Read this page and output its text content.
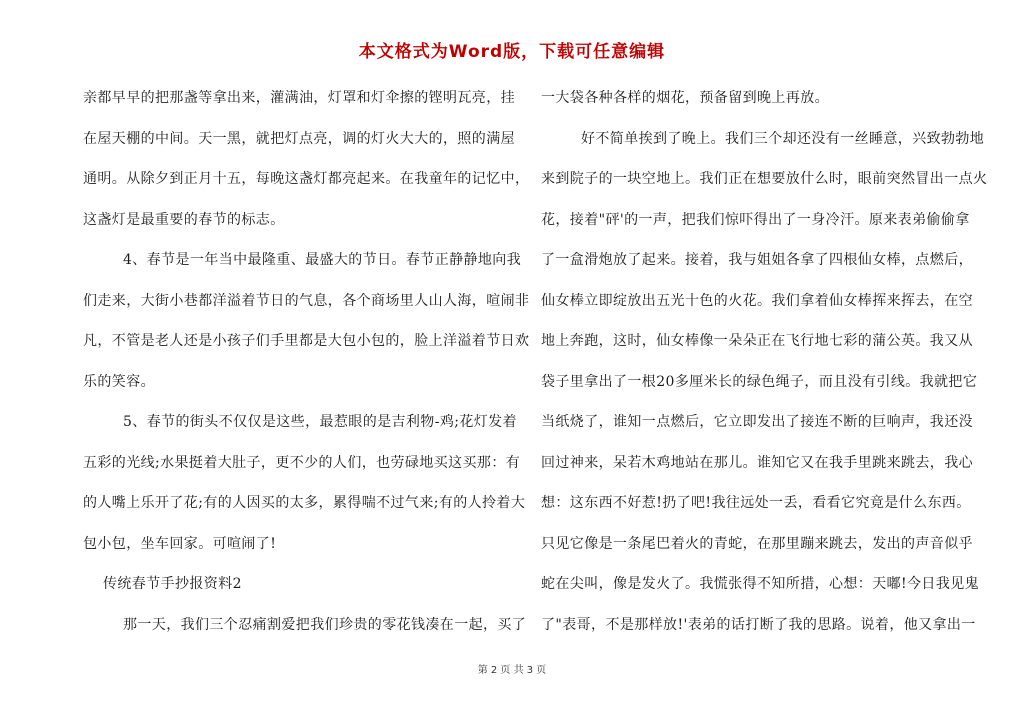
本文格式为Word版，下载可任意编辑
亲都早早的把那盏等拿出来，灌满油，灯罩和灯伞擦的铿明瓦亮，挂
在屋天棚的中间。天一黑，就把灯点亮，调的灯火大大的，照的满屋
通明。从除夕到正月十五，每晚这盏灯都亮起来。在我童年的记忆中，
这盏灯是最重要的春节的标志。
4、春节是一年当中最隆重、最盛大的节日。春节正静静地向我
们走来，大街小巷都洋溢着节日的气息，各个商场里人山人海，喧闹非
凡，不管是老人还是小孩子们手里都是大包小包的，脸上洋溢着节日欢
乐的笑容。
5、春节的街头不仅仅是这些，最惹眼的是吉利物-鸡;花灯发着
五彩的光线;水果挺着大肚子，更不少的人们，也劳碌地买这买那：有
的人嘴上乐开了花;有的人因买的太多，累得喘不过气来;有的人拎着大
包小包，坐车回家。可喧闹了!
传统春节手抄报资料2
那一天，我们三个忍痛割爱把我们珍贵的零花钱凑在一起，买了
一大袋各种各样的烟花，预备留到晚上再放。
好不简单挨到了晚上。我们三个却还没有一丝睡意，兴致勃勃地
来到院子的一块空地上。我们正在想要放什么时，眼前突然冒出一点火
花，接着"砰'的一声，把我们惊吓得出了一身冷汗。原来表弟偷偷拿
了一盒滑炮放了起来。接着，我与姐姐各拿了四根仙女棒，点燃后，
仙女棒立即绽放出五光十色的火花。我们拿着仙女棒挥来挥去，在空
地上奔跑，这时，仙女棒像一朵朵正在飞行地七彩的蒲公英。我又从
袋子里拿出了一根20多厘米长的绿色绳子，而且没有引线。我就把它
当纸烧了，谁知一点燃后，它立即发出了接连不断的巨响声，我还没
回过神来，呆若木鸡地站在那儿。谁知它又在我手里跳来跳去，我心
想：这东西不好惹!扔了吧!我往远处一丢，看看它究竟是什么东西。
只见它像是一条尾巴着火的青蛇，在那里蹦来跳去，发出的声音似乎
蛇在尖叫，像是发火了。我慌张得不知所措，心想：天嘟!今日我见鬼
了"表哥，不是那样放!'表弟的话打断了我的思路。说着，他又拿出一
第 2 页 共 3 页
